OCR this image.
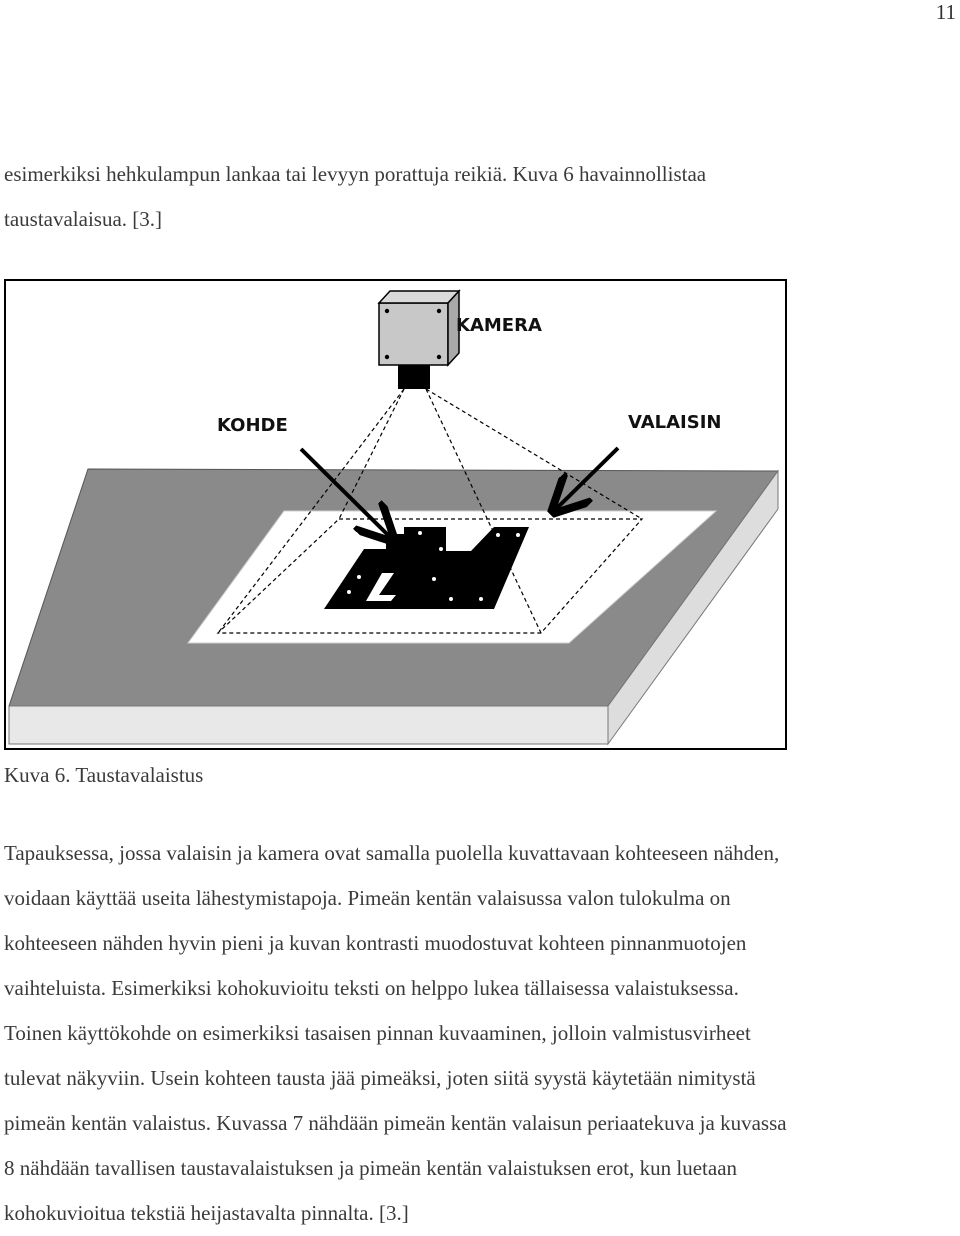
11
esimerkiksi hehkulampun lankaa tai levyyn porattuja reikiä. Kuva 6 havainnollistaa
taustavalaisua. [3.]
KAMERA
KOHDE	VALAISIN
Kuva 6. Taustavalaistus
Tapauksessa, jossa valaisin ja kamera ovat samalla puolella kuvattavaan kohteeseen nähden,
voidaan käyttää useita lähestymistapoja. Pimeän kentän valaisussa valon tulokulma on
kohteeseen nähden hyvin pieni ja kuvan kontrasti muodostuvat kohteen pinnanmuotojen
vaihteluista. Esimerkiksi kohokuvioitu teksti on helppo lukea tällaisessa valaistuksessa.
Toinen käyttökohde on esimerkiksi tasaisen pinnan kuvaaminen, jolloin valmistusvirheet
tulevat näkyviin. Usein kohteen tausta jää pimeäksi, joten siitä syystä käytetään nimitystä
pimeän kentän valaistus. Kuvassa 7 nähdään pimeän kentän valaisun periaatekuva ja kuvassa
8 nähdään tavallisen taustavalaistuksen ja pimeän kentän valaistuksen erot, kun luetaan
kohokuvioitua tekstiä heijastavalta pinnalta. [3.]
